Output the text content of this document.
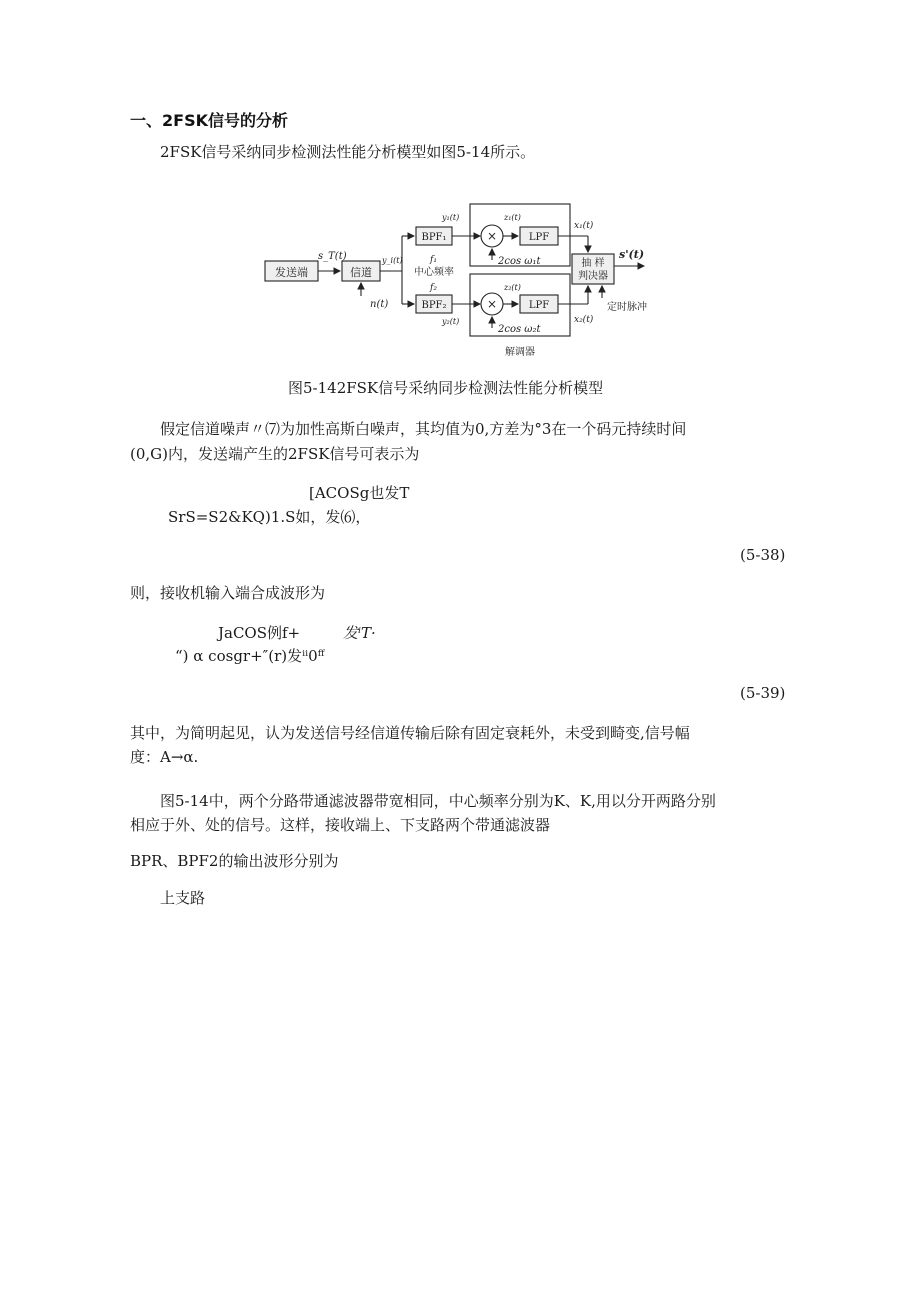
一、2FSK信号的分析
2FSK信号采纳同步检测法性能分析模型如图5-14所示。
发送端	信道
BPF₁
BPF₂
LPF
LPF
×
×
抽 样
判决器
解调器
中心频率
定时脉冲
s_T(t)
n(t)
y_i(t)
y₁(t)
y₂(t)
f₁
f₂
z₁(t)
z₂(t)
x₁(t)
x₂(t)
2cos ω₁t
2cos ω₂t
s'(t)
图5-142FSK信号采纳同步检测法性能分析模型
假定信道噪声〃⑺为加性高斯白噪声，其均值为0,方差为°3在一个码元持续时间
(0,G)内，发送端产生的2FSK信号可表示为
[ACOSg也发T
SrS=S2&KQ)1.S如，发⑹，
(5-38)
则，接收机输入端合成波形为
JaCOS例f+	发ⁱT·
“) α cosgr+″(r)发ⁱⁱ0ᶠᶠ
(5-39)
其中，为简明起见，认为发送信号经信道传输后除有固定衰耗外，未受到畸变,信号幅
度：A→α.
图5-14中，两个分路带通滤波器带宽相同，中心频率分别为K、K,用以分开两路分别
相应于外、处的信号。这样，接收端上、下支路两个带通滤波器
BPR、BPF2的输出波形分别为
上支路
